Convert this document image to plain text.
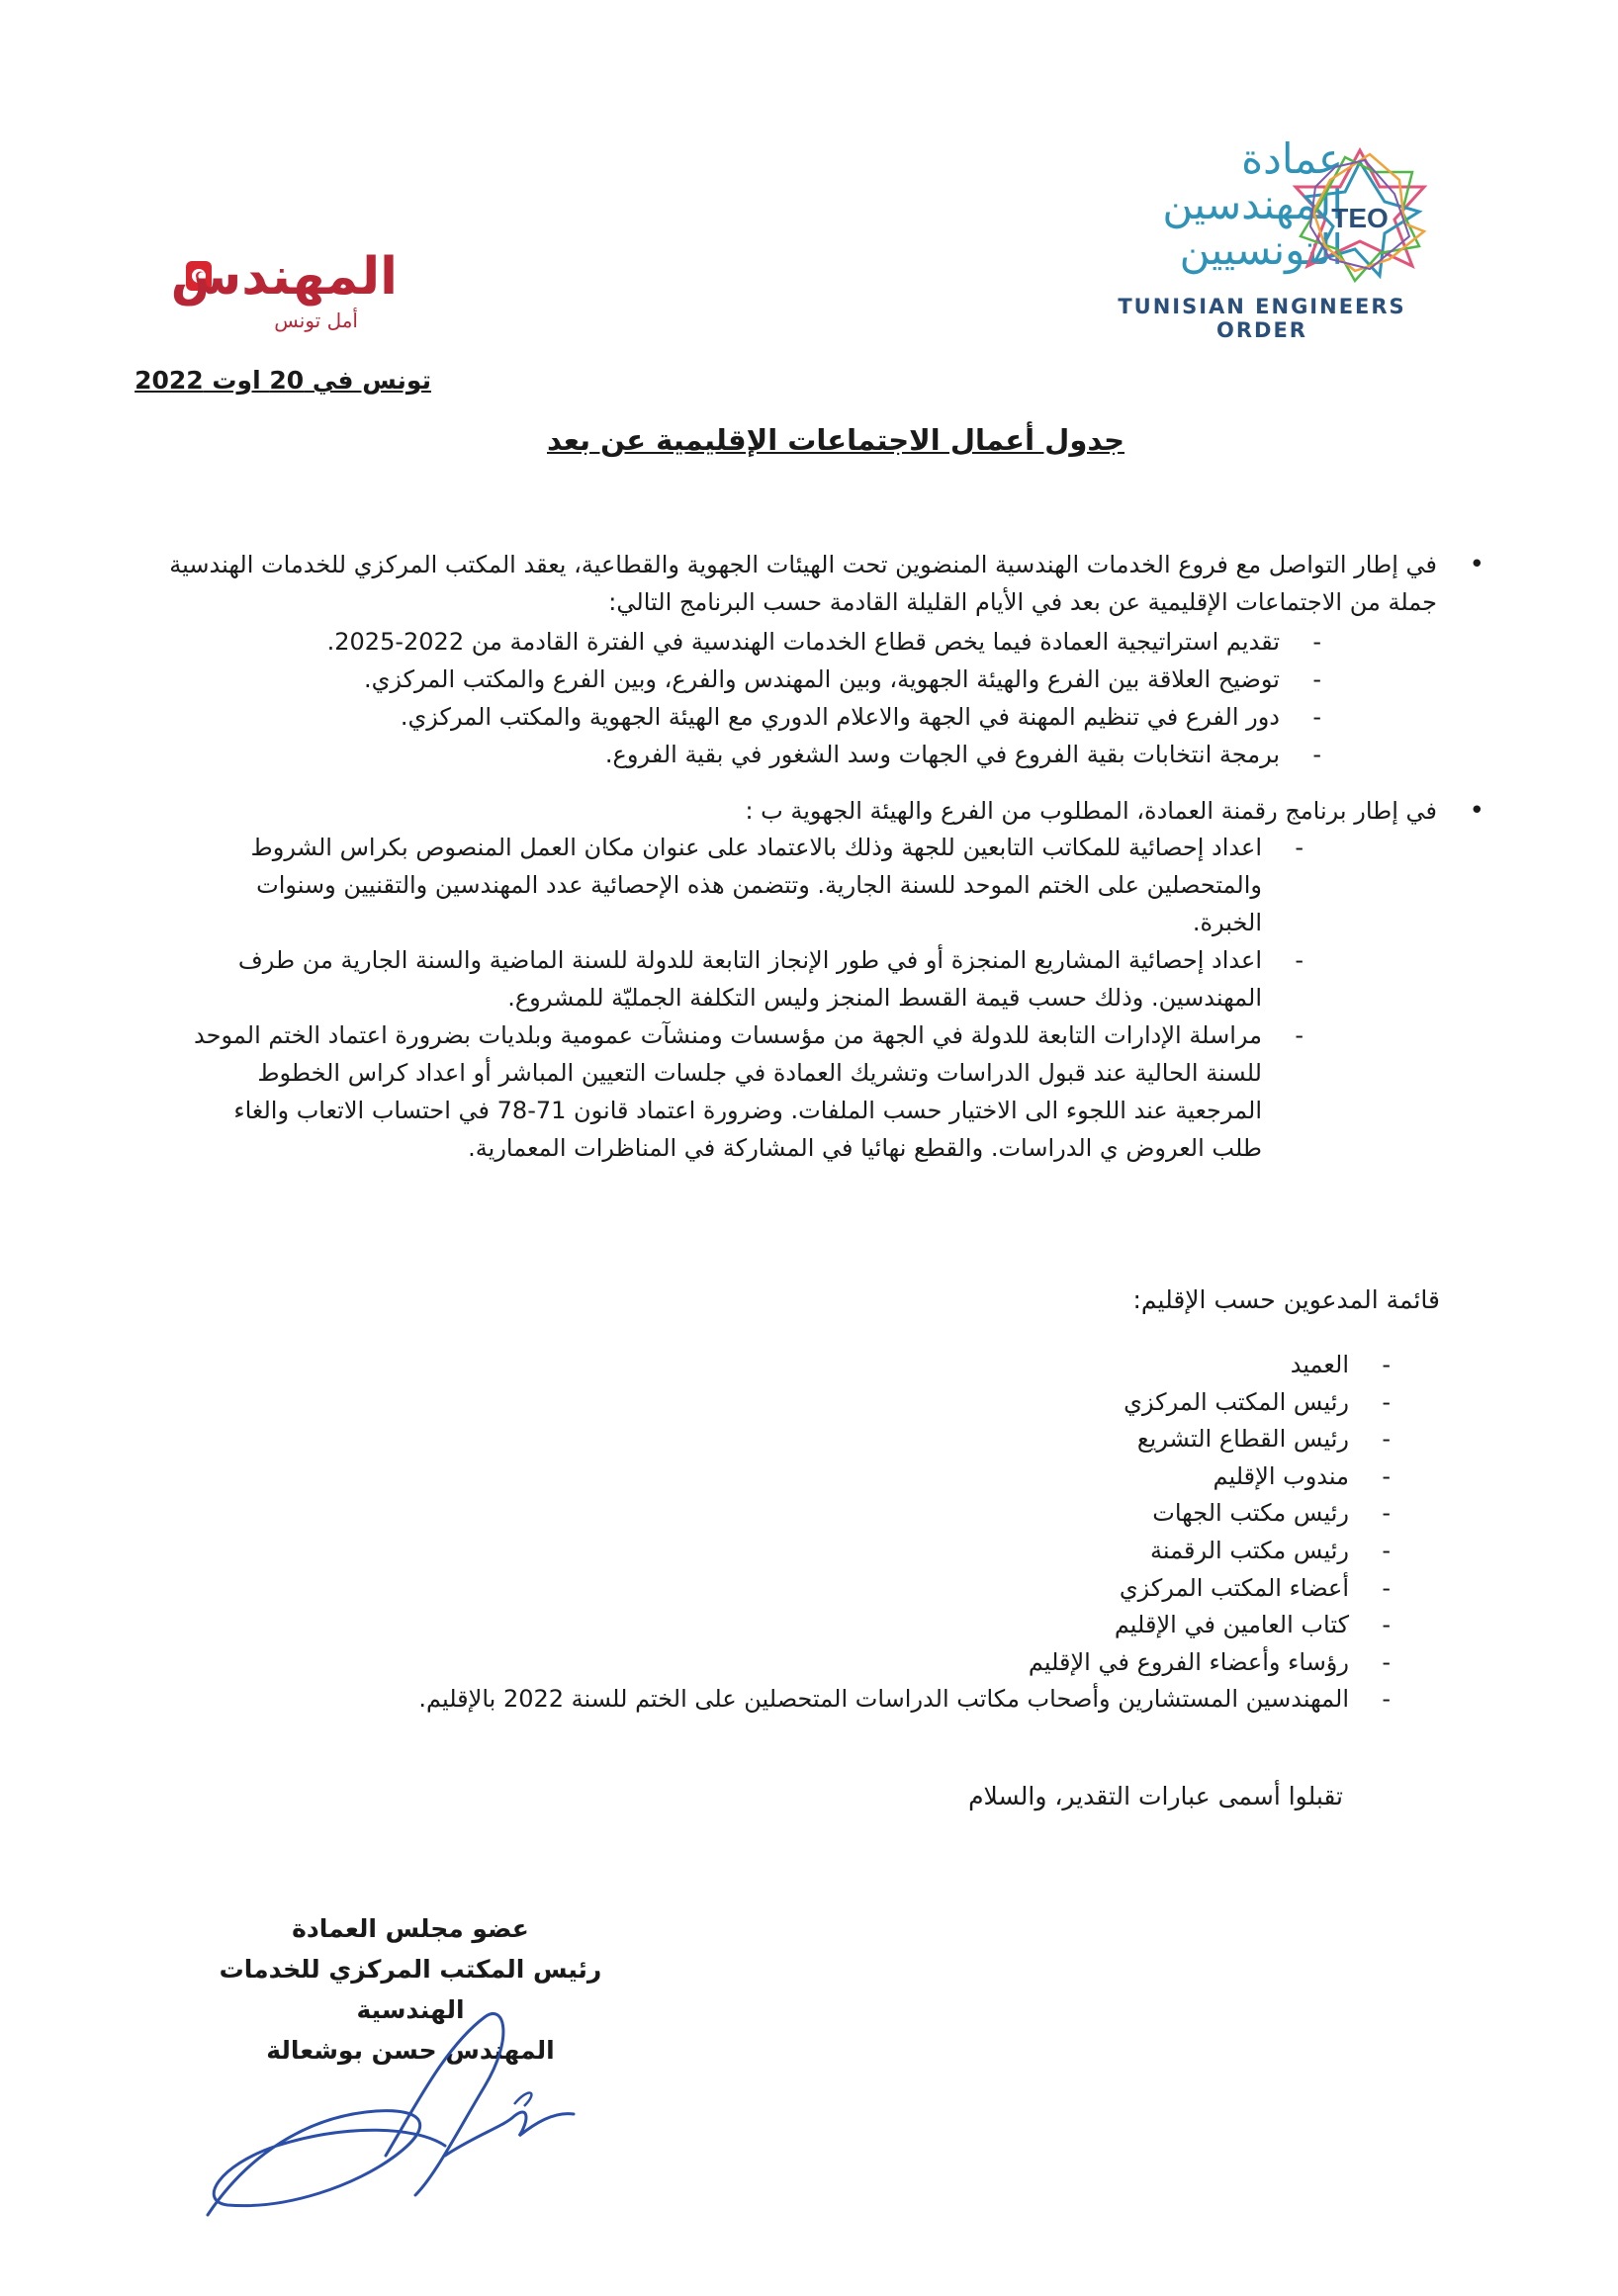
عمادة
المهندسين
التونسيين
TEO
TUNISIAN ENGINEERS ORDER
المهندس
أمل تونس
تونس في 20 اوت 2022
جدول أعمال الاجتماعات الإقليمية عن بعد
•
في إطار التواصل مع فروع الخدمات الهندسية المنضوين تحت الهيئات الجهوية والقطاعية، يعقد المكتب المركزي للخدمات الهندسية جملة من الاجتماعات الإقليمية عن بعد في الأيام القليلة القادمة حسب البرنامج التالي:
-
تقديم استراتيجية العمادة فيما يخص قطاع الخدمات الهندسية في الفترة القادمة من 2022-2025.
-
توضيح العلاقة بين الفرع والهيئة الجهوية، وبين المهندس والفرع، وبين الفرع والمكتب المركزي.
-
دور الفرع في تنظيم المهنة في الجهة والاعلام الدوري مع الهيئة الجهوية والمكتب المركزي.
-
برمجة انتخابات بقية الفروع في الجهات وسد الشغور في بقية الفروع.
•
في إطار برنامج رقمنة العمادة، المطلوب من الفرع والهيئة الجهوية ب :
-
اعداد إحصائية للمكاتب التابعين للجهة وذلك بالاعتماد على عنوان مكان العمل المنصوص بكراس الشروط والمتحصلين على الختم الموحد للسنة الجارية. وتتضمن هذه الإحصائية عدد المهندسين والتقنيين وسنوات الخبرة.
-
اعداد إحصائية المشاريع المنجزة أو في طور الإنجاز التابعة للدولة للسنة الماضية والسنة الجارية من طرف المهندسين. وذلك حسب قيمة القسط المنجز وليس التكلفة الجمليّة للمشروع.
-
مراسلة الإدارات التابعة للدولة في الجهة من مؤسسات ومنشآت عمومية وبلديات بضرورة اعتماد الختم الموحد للسنة الحالية عند قبول الدراسات وتشريك العمادة في جلسات التعيين المباشر أو اعداد كراس الخطوط المرجعية عند اللجوء الى الاختيار حسب الملفات. وضرورة اعتماد قانون 71-78 في احتساب الاتعاب والغاء طلب العروض ي الدراسات. والقطع نهائيا في المشاركة في المناظرات المعمارية.
قائمة المدعوين حسب الإقليم:
-
العميد
-
رئيس المكتب المركزي
-
رئيس القطاع التشريع
-
مندوب الإقليم
-
رئيس مكتب الجهات
-
رئيس مكتب الرقمنة
-
أعضاء المكتب المركزي
-
كتاب العامين في الإقليم
-
رؤساء وأعضاء الفروع في الإقليم
-
المهندسين المستشارين وأصحاب مكاتب الدراسات المتحصلين على الختم للسنة 2022 بالإقليم.
تقبلوا أسمى عبارات التقدير، والسلام
عضو مجلس العمادة
رئيس المكتب المركزي للخدمات الهندسية
المهندس حسن بوشعالة
